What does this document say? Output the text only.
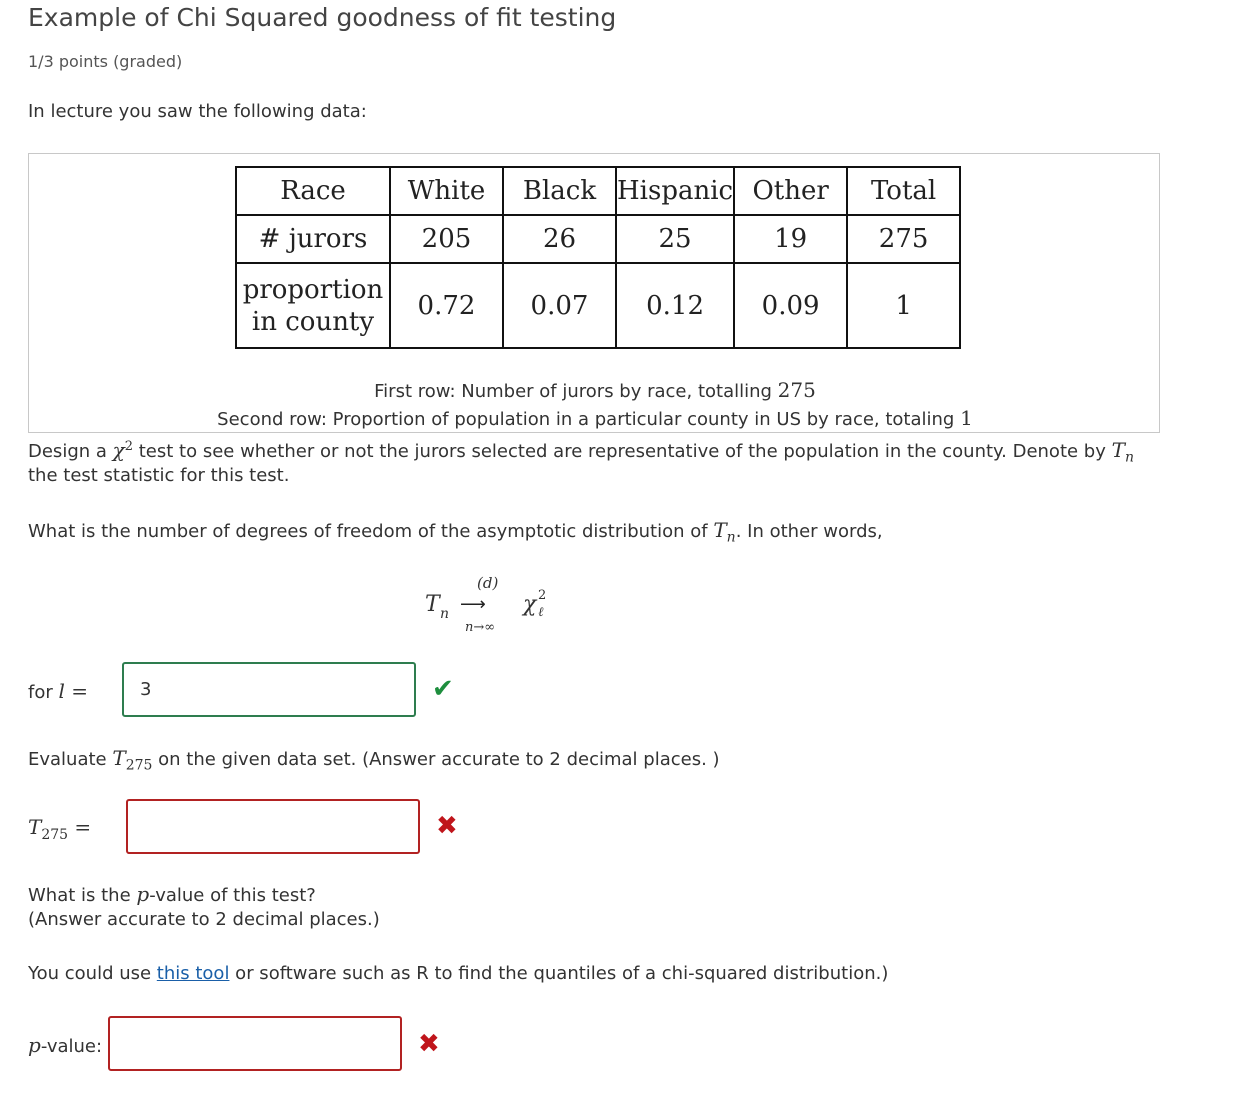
Example of Chi Squared goodness of fit testing
1/3 points (graded)
In lecture you saw the following data:
Race	White	Black	Hispanic	Other	Total
# jurors	205	26	25	19	275

proportion
in county	0.72	0.07	0.12	0.09	1
First row: Number of jurors by race, totalling 275
Second row: Proportion of population in a particular county in US by race, totaling 1
Design a $\chi^2$ test to see whether or not the jurors selected are representative of the population in the county. Denote by $T_n$
the test statistic for this test.
What is the number of degrees of freedom of the asymptotic distribution of $T_n$. In other words,
T n
(d)
⟶
n→∞
χ 2
ℓ
for l =	3	✔
Evaluate $T_{275}$ on the given data set. (Answer accurate to 2 decimal places. )
$T_{275}$ =	✖
What is the p-value of this test?
(Answer accurate to 2 decimal places.)
You could use this tool or software such as R to find the quantiles of a chi-squared distribution.)
p-value:	✖
